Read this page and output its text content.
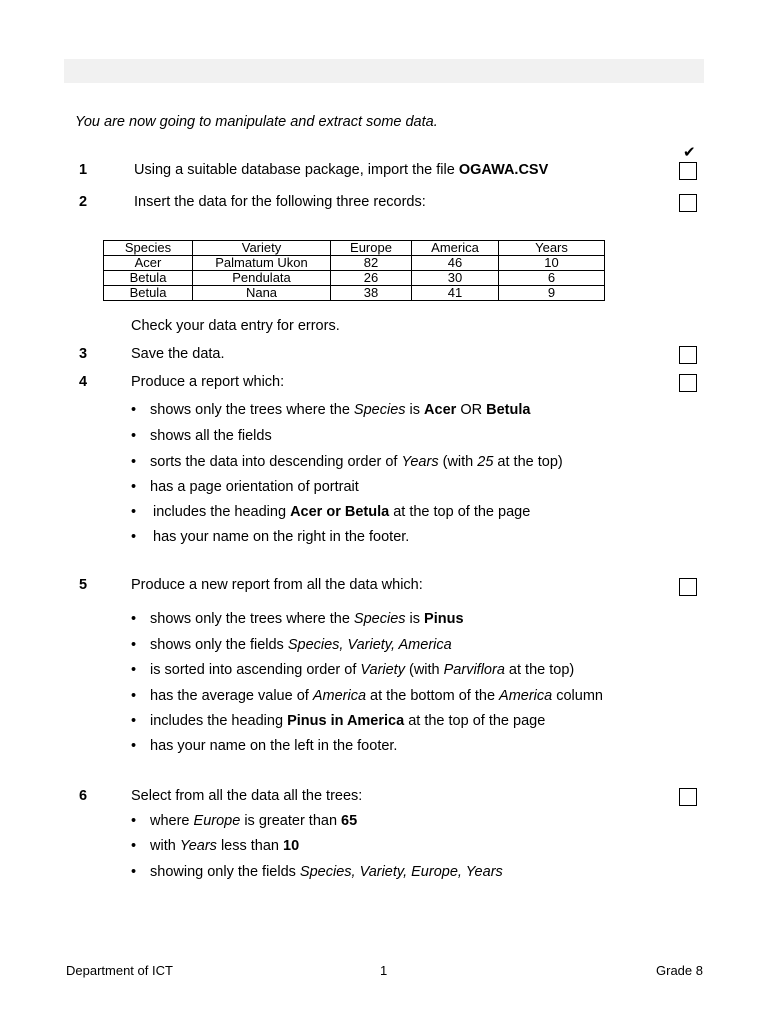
You are now going to manipulate and extract some data.
✔
1	Using a suitable database package, import the file OGAWA.CSV
2	Insert the data for the following three records:
Species	Variety	Europe	America	Years
Acer	Palmatum Ukon	82	46	10
Betula	Pendulata	26	30	6
Betula	Nana	38	41	9
Check your data entry for errors.
3	Save the data.
4	Produce a report which:
• shows only the trees where the Species is Acer OR Betula
• shows all the fields
• sorts the data into descending order of Years (with 25 at the top)
• has a page orientation of portrait
• includes the heading Acer or Betula at the top of the page
• has your name on the right in the footer.
5	Produce a new report from all the data which:
• shows only the trees where the Species is Pinus
• shows only the fields Species, Variety, America
• is sorted into ascending order of Variety (with Parviflora at the top)
• has the average value of America at the bottom of the America column
• includes the heading Pinus in America at the top of the page
• has your name on the left in the footer.
6	Select from all the data all the trees:
• where Europe is greater than 65
• with Years less than 10
• showing only the fields Species, Variety, Europe, Years
Department of ICT	1	Grade 8
